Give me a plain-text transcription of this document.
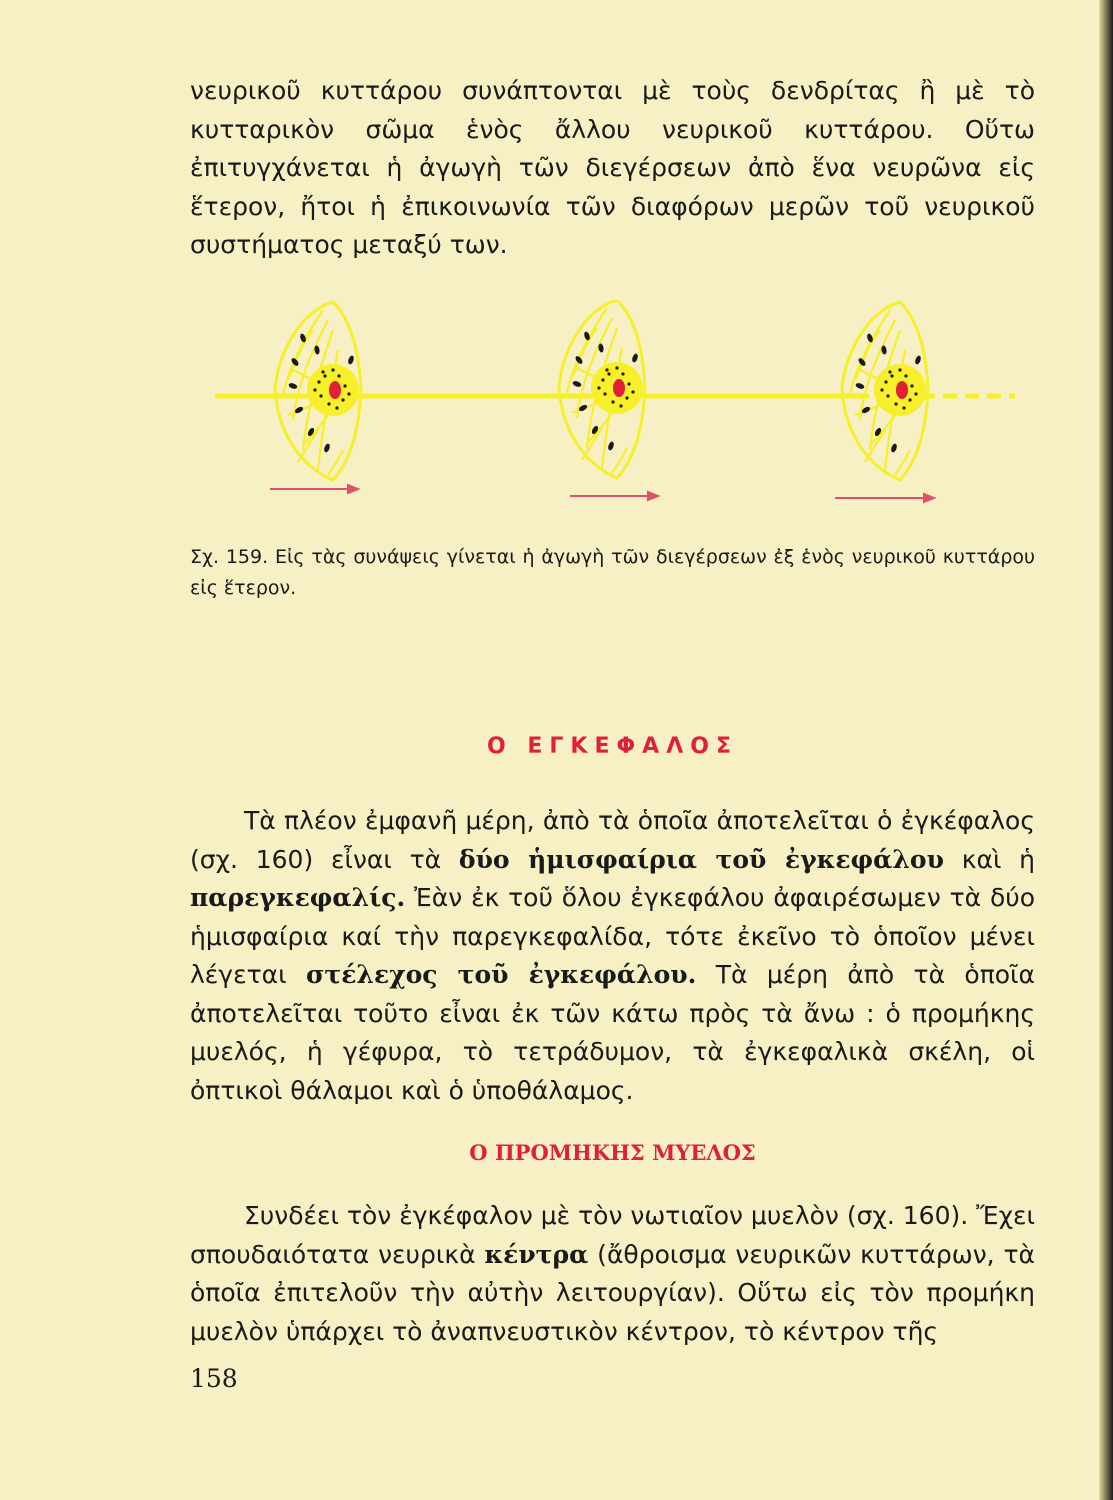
νευρικοῦ κυττάρου συνάπτονται μὲ τοὺς δενδρίτας ἢ μὲ τὸ κυτταρικὸν σῶμα ἑνὸς ἄλλου νευρικοῦ κυττάρου. Οὕτω ἐπιτυγχάνεται ἡ ἀγωγὴ τῶν διεγέρσεων ἀπὸ ἕνα νευρῶνα εἰς ἕτερον, ἤτοι ἡ ἐπικοινωνία τῶν διαφόρων μερῶν τοῦ νευρικοῦ συστήματος μεταξύ των.

Σχ. 159. Εἰς τὰς συνάψεις γίνεται ἡ ἀγωγὴ τῶν διεγέρσεων ἐξ ἑνὸς νευρικοῦ κυττάρου εἰς ἕτερον.

Ο ΕΓΚΕΦΑΛΟΣ

Τὰ πλέον ἐμφανῆ μέρη, ἀπὸ τὰ ὁποῖα ἀποτελεῖται ὁ ἐγκέφαλος (σχ. 160) εἶναι τὰ δύο ἡμισφαίρια τοῦ ἐγκεφάλου καὶ ἡ παρεγκεφαλίς. Ἐὰν ἐκ τοῦ ὅλου ἐγκεφάλου ἀφαιρέσωμεν τὰ δύο ἡμισφαίρια καί τὴν παρεγκεφαλίδα, τότε ἐκεῖνο τὸ ὁποῖον μένει λέγεται στέλεχος τοῦ ἐγκεφάλου. Τὰ μέρη ἀπὸ τὰ ὁποῖα ἀποτελεῖται τοῦτο εἶναι ἐκ τῶν κάτω πρὸς τὰ ἄνω : ὁ προμήκης μυελός, ἡ γέφυρα, τὸ τετράδυμον, τὰ ἐγκεφαλικὰ σκέλη, οἱ ὀπτικοὶ θάλαμοι καὶ ὁ ὑποθάλαμος.

Ο ΠΡΟΜΗΚΗΣ ΜΥΕΛΟΣ

Συνδέει τὸν ἐγκέφαλον μὲ τὸν νωτιαῖον μυελὸν (σχ. 160). Ἔχει σπουδαιότατα νευρικὰ κέντρα (ἄθροισμα νευρικῶν κυττάρων, τὰ ὁποῖα ἐπιτελοῦν τὴν αὐτὴν λειτουργίαν). Οὕτω εἰς τὸν προμήκη μυελὸν ὑπάρχει τὸ ἀναπνευστικὸν κέντρον, τὸ κέντρον τῆς

158
